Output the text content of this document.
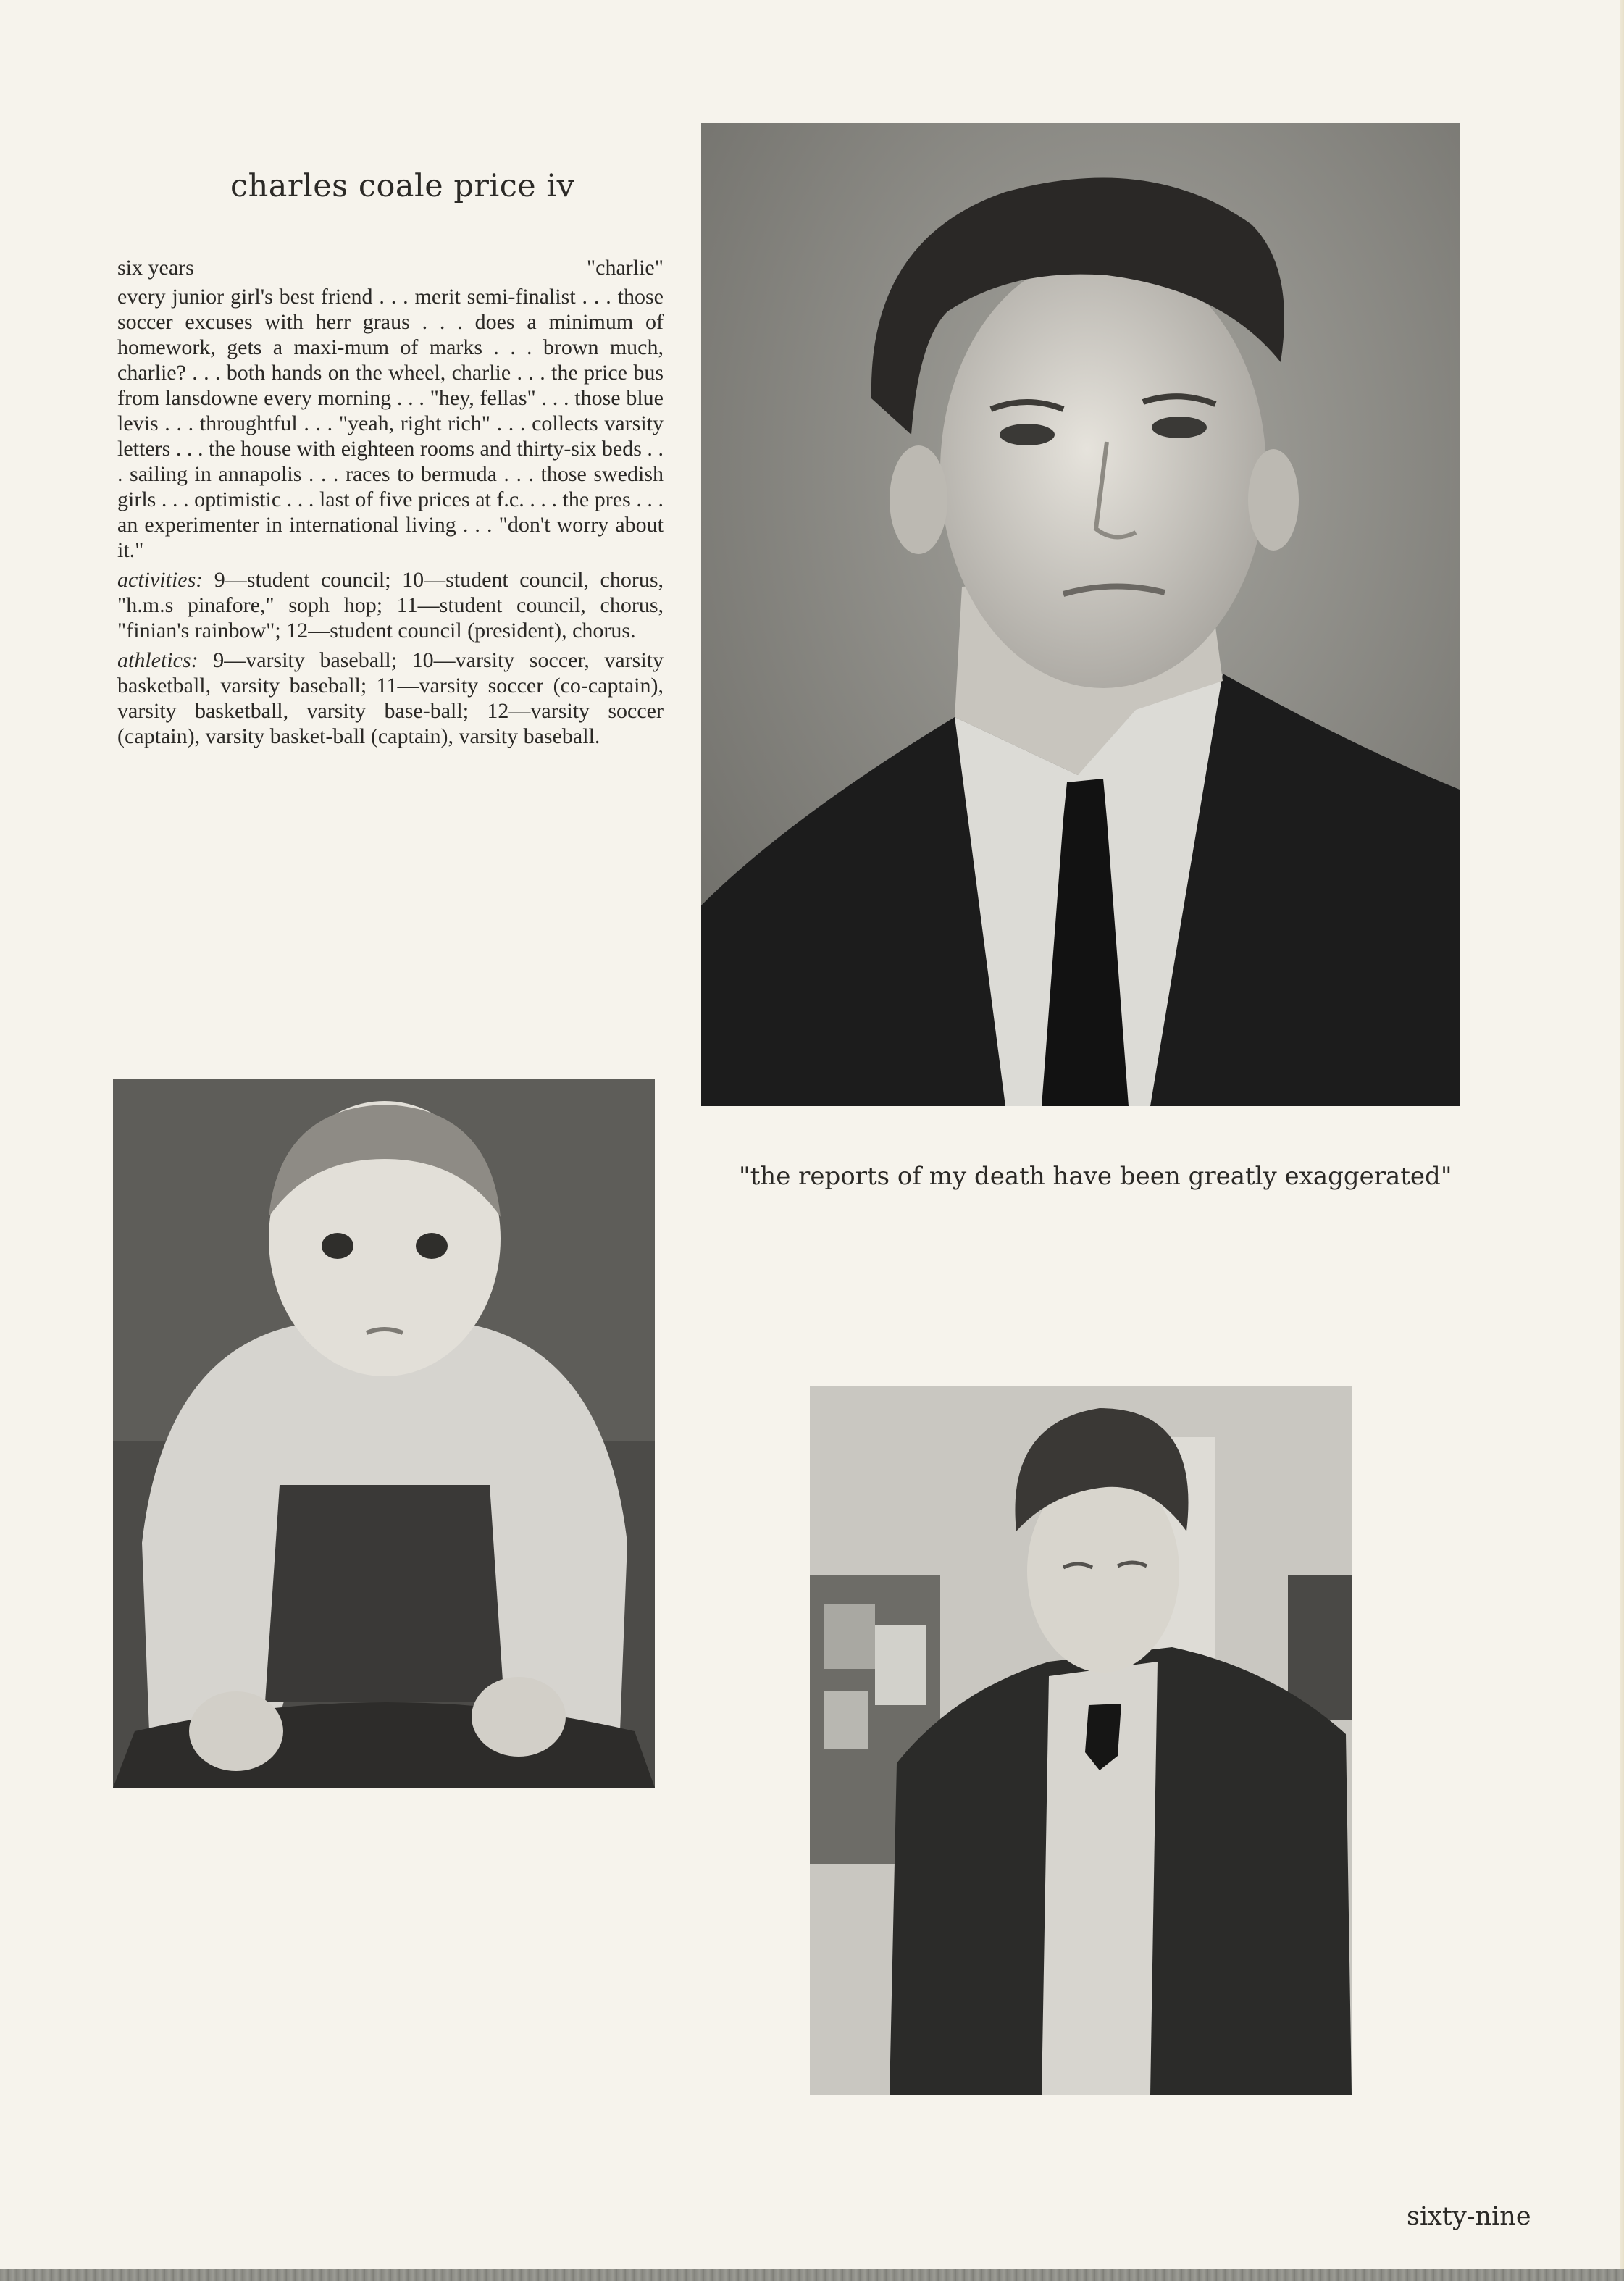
charles coale price iv
six years	"charlie"

every junior girl's best friend . . . merit semi-finalist . . . those soccer excuses with herr graus . . . does a minimum of homework, gets a maxi-mum of marks . . . brown much, charlie? . . . both hands on the wheel, charlie . . . the price bus from lansdowne every morning . . . "hey, fellas" . . . those blue levis . . . throughtful . . . "yeah, right rich" . . . collects varsity letters . . . the house with eighteen rooms and thirty-six beds . . . sailing in annapolis . . . races to bermuda . . . those swedish girls . . . optimistic . . . last of five prices at f.c. . . . the pres . . . an experimenter in international living . . . "don't worry about it."

activities: 9—student council; 10—student council, chorus, "h.m.s pinafore," soph hop; 11—student council, chorus, "finian's rainbow"; 12—student council (president), chorus.

athletics: 9—varsity baseball; 10—varsity soccer, varsity basketball, varsity baseball; 11—varsity soccer (co-captain), varsity basketball, varsity base-ball; 12—varsity soccer (captain), varsity basket-ball (captain), varsity baseball.

"the reports of my death have been greatly exaggerated"
sixty-nine
